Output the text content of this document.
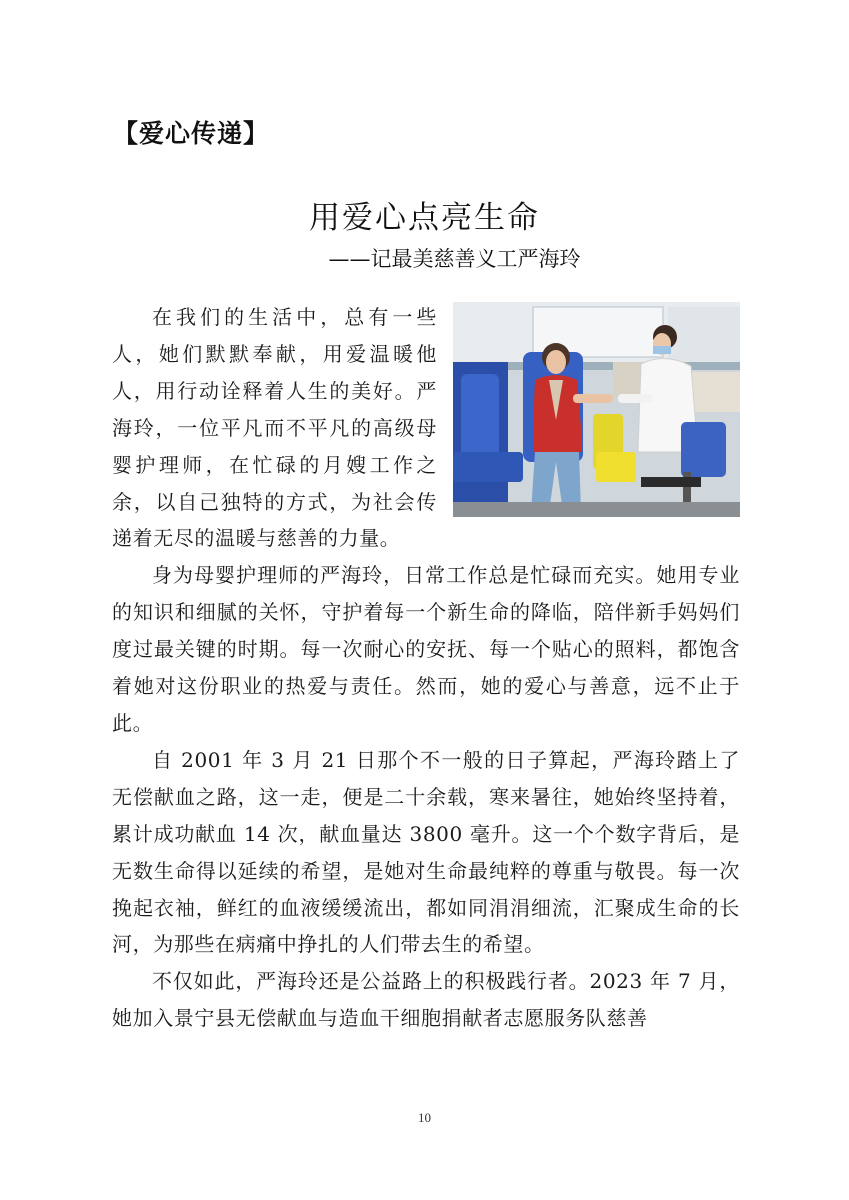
【爱心传递】
用爱心点亮生命
——记最美慈善义工严海玲

在我们的生活中，总有一些人，她们默默奉献，用爱温暖他人，用行动诠释着人生的美好。严海玲，一位平凡而不平凡的高级母婴护理师，在忙碌的月嫂工作之余，以自己独特的方式，为社会传递着无尽的温暖与慈善的力量。

身为母婴护理师的严海玲，日常工作总是忙碌而充实。她用专业的知识和细腻的关怀，守护着每一个新生命的降临，陪伴新手妈妈们度过最关键的时期。每一次耐心的安抚、每一个贴心的照料，都饱含着她对这份职业的热爱与责任。然而，她的爱心与善意，远不止于此。

自 2001 年 3 月 21 日那个不一般的日子算起，严海玲踏上了无偿献血之路，这一走，便是二十余载，寒来暑往，她始终坚持着，累计成功献血 14 次，献血量达 3800 毫升。这一个个数字背后，是无数生命得以延续的希望，是她对生命最纯粹的尊重与敬畏。每一次挽起衣袖，鲜红的血液缓缓流出，都如同涓涓细流，汇聚成生命的长河，为那些在病痛中挣扎的人们带去生的希望。

不仅如此，严海玲还是公益路上的积极践行者。2023 年 7 月，她加入景宁县无偿献血与造血干细胞捐献者志愿服务队慈善

10
